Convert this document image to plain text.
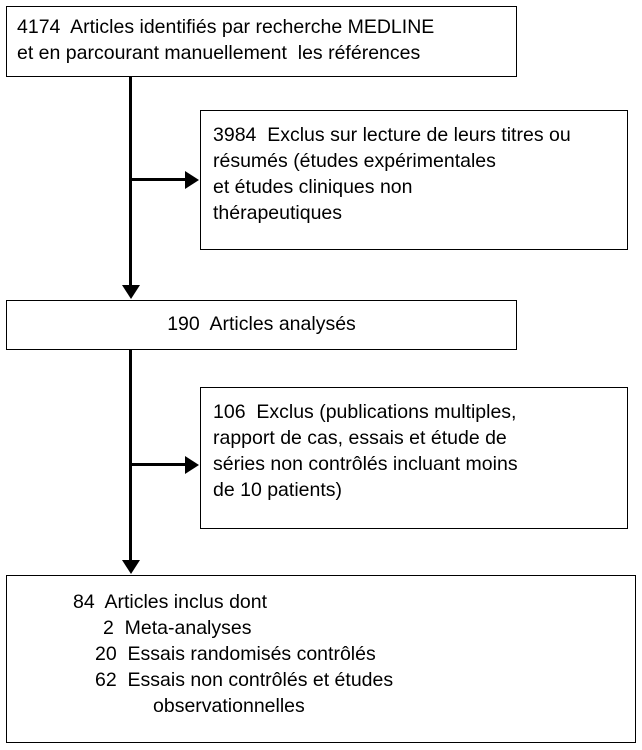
4174  Articles identifiés par recherche MEDLINE
et en parcourant manuellement  les références
3984  Exclus sur lecture de leurs titres ou
résumés (études expérimentales
et études cliniques non
thérapeutiques
190  Articles analysés
106  Exclus (publications multiples,
rapport de cas, essais et étude de
séries non contrôlés incluant moins
de 10 patients)
84  Articles inclus dont
2  Meta-analyses
20  Essais randomisés contrôlés
62  Essais non contrôlés et études
observationnelles
